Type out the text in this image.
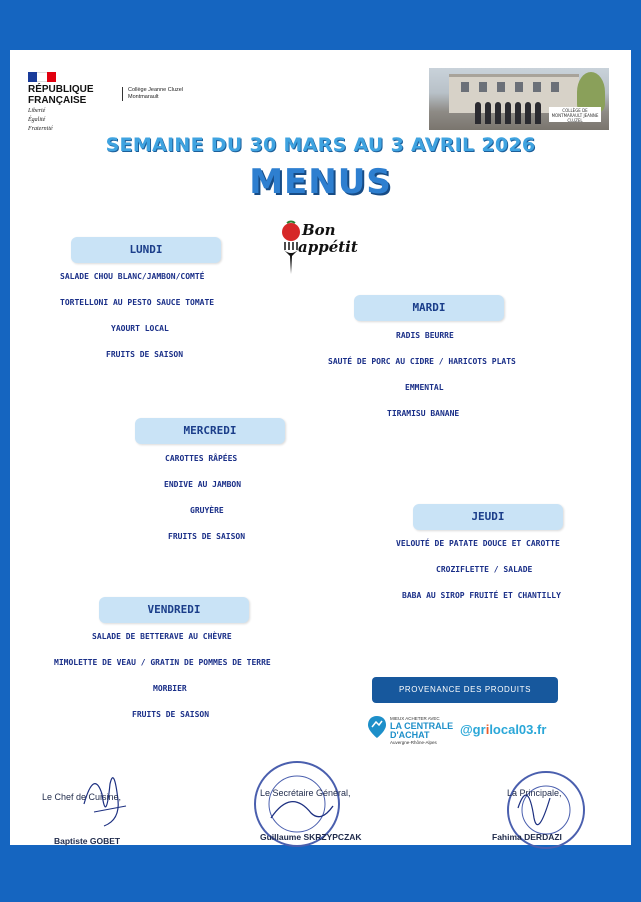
RÉPUBLIQUE
FRANÇAISE
Liberté
Égalité
Fraternité
Collège Jeanne Cluzel
Montmarault
COLLÈGE DE MONTMARAULT JEANNE CLUZEL
SEMAINE DU 30 MARS AU 3 AVRIL 2026
MENUS
Bon
appétit
LUNDI
SALADE CHOU BLANC/JAMBON/COMTÉ
TORTELLONI AU PESTO SAUCE TOMATE
YAOURT LOCAL
FRUITS DE SAISON
MARDI
RADIS BEURRE
SAUTÉ DE PORC AU CIDRE / HARICOTS PLATS
EMMENTAL
TIRAMISU BANANE
MERCREDI
CAROTTES RÂPÉES
ENDIVE AU JAMBON
GRUYÈRE
FRUITS DE SAISON
JEUDI
VELOUTÉ DE PATATE DOUCE ET CAROTTE
CROZIFLETTE / SALADE
BABA AU SIROP FRUITÉ ET CHANTILLY
VENDREDI
SALADE DE BETTERAVE AU CHÈVRE
MIMOLETTE DE VEAU / GRATIN DE POMMES DE TERRE
MORBIER
FRUITS DE SAISON
PROVENANCE DES PRODUITS
MIEUX ACHETER AVEC
LA CENTRALE
D'ACHAT
Auvergne-Rhône-Alpes
@grilocal03.fr
Le Chef de Cuisine,
Baptiste GOBET
Le Secrétaire Général,
Guillaume SKRZYPCZAK
La Principale,
Fahima DERDAZI
